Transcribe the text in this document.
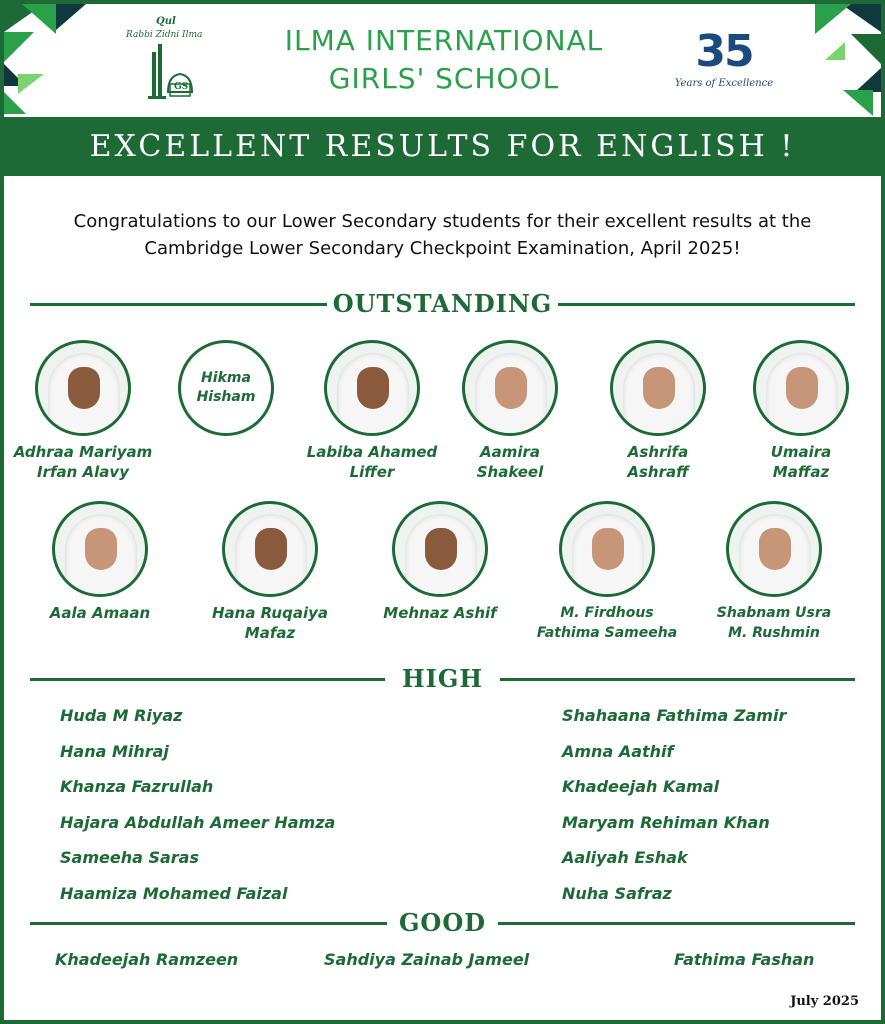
Qul
Rabbi Zidni Ilma
GS
ILMA INTERNATIONAL
GIRLS' SCHOOL
35
Years of Excellence
EXCELLENT RESULTS FOR ENGLISH !
Congratulations to our Lower Secondary students for their excellent results at the
Cambridge Lower Secondary Checkpoint Examination, April 2025!
OUTSTANDING
Adhraa Mariyam
Irfan Alavy
Hikma
Hisham
Labiba Ahamed
Liffer
Aamira
Shakeel
Ashrifa
Ashraff
Umaira
Maffaz
Aala Amaan	Hana Ruqaiya
Mafaz
Mehnaz Ashif	M. Firdhous
Fathima Sameeha
Shabnam Usra
M. Rushmin
HIGH
Huda M Riyaz
Hana Mihraj
Khanza Fazrullah
Hajara Abdullah Ameer Hamza
Sameeha Saras
Haamiza Mohamed Faizal
Shahaana Fathima Zamir
Amna Aathif
Khadeejah Kamal
Maryam Rehiman Khan
Aaliyah Eshak
Nuha Safraz
GOOD
Khadeejah Ramzeen	Sahdiya Zainab Jameel	Fathima Fashan
July 2025
